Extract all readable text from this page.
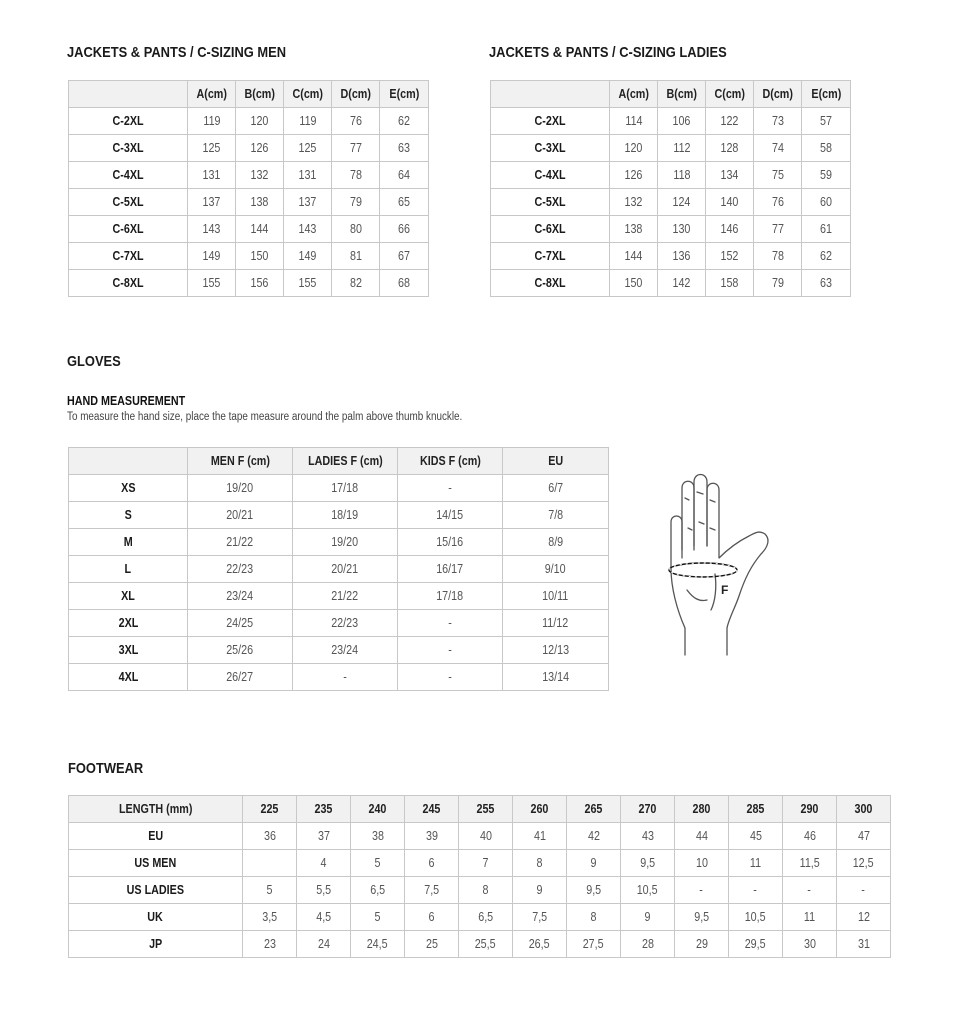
JACKETS & PANTS / C-SIZING MEN
	A(cm)	B(cm)	C(cm)	D(cm)	E(cm)
C-2XL	119	120	119	76	62
C-3XL	125	126	125	77	63
C-4XL	131	132	131	78	64
C-5XL	137	138	137	79	65
C-6XL	143	144	143	80	66
C-7XL	149	150	149	81	67
C-8XL	155	156	155	82	68
JACKETS & PANTS / C-SIZING LADIES
	A(cm)	B(cm)	C(cm)	D(cm)	E(cm)
C-2XL	114	106	122	73	57
C-3XL	120	112	128	74	58
C-4XL	126	118	134	75	59
C-5XL	132	124	140	76	60
C-6XL	138	130	146	77	61
C-7XL	144	136	152	78	62
C-8XL	150	142	158	79	63
GLOVES
HAND MEASUREMENT
To measure the hand size, place the tape measure around the palm above thumb knuckle.
	MEN F (cm)	LADIES F (cm)	KIDS F (cm)	EU
XS	19/20	17/18	-	6/7
S	20/21	18/19	14/15	7/8
M	21/22	19/20	15/16	8/9
L	22/23	20/21	16/17	9/10
XL	23/24	21/22	17/18	10/11
2XL	24/25	22/23	-	11/12
3XL	25/26	23/24	-	12/13
4XL	26/27	-	-	13/14
F
FOOTWEAR
LENGTH (mm)	225	235	240	245	255	260	265	270	280	285	290	300
EU	36	37	38	39	40	41	42	43	44	45	46	47
US MEN		4	5	6	7	8	9	9,5	10	11	11,5	12,5
US LADIES	5	5,5	6,5	7,5	8	9	9,5	10,5	-	-	-	-
UK	3,5	4,5	5	6	6,5	7,5	8	9	9,5	10,5	11	12
JP	23	24	24,5	25	25,5	26,5	27,5	28	29	29,5	30	31
